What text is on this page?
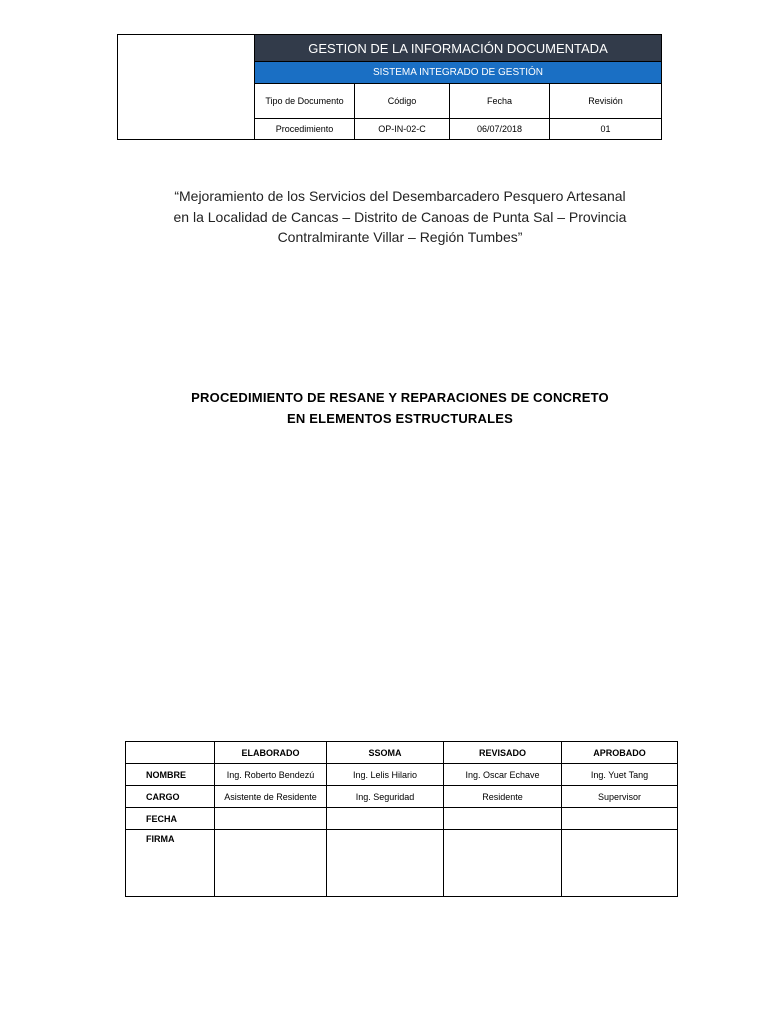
	GESTION DE LA INFORMACIÓN DOCUMENTADA			
	SISTEMA INTEGRADO DE GESTIÓN			
	Tipo de Documento	Código	Fecha	Revisión
	Procedimiento	OP-IN-02-C	06/07/2018	01
“Mejoramiento de los Servicios del Desembarcadero Pesquero Artesanal
en la Localidad de Cancas – Distrito de Canoas de Punta Sal – Provincia
Contralmirante Villar – Región Tumbes”
PROCEDIMIENTO DE RESANE Y REPARACIONES DE CONCRETO
EN ELEMENTOS ESTRUCTURALES
	ELABORADO	SSOMA	REVISADO	APROBADO
NOMBRE	Ing. Roberto Bendezú	Ing. Lelis Hilario	Ing. Oscar Echave	Ing. Yuet Tang
CARGO	Asistente de Residente	Ing. Seguridad	Residente	Supervisor
FECHA				
FIRMA				
